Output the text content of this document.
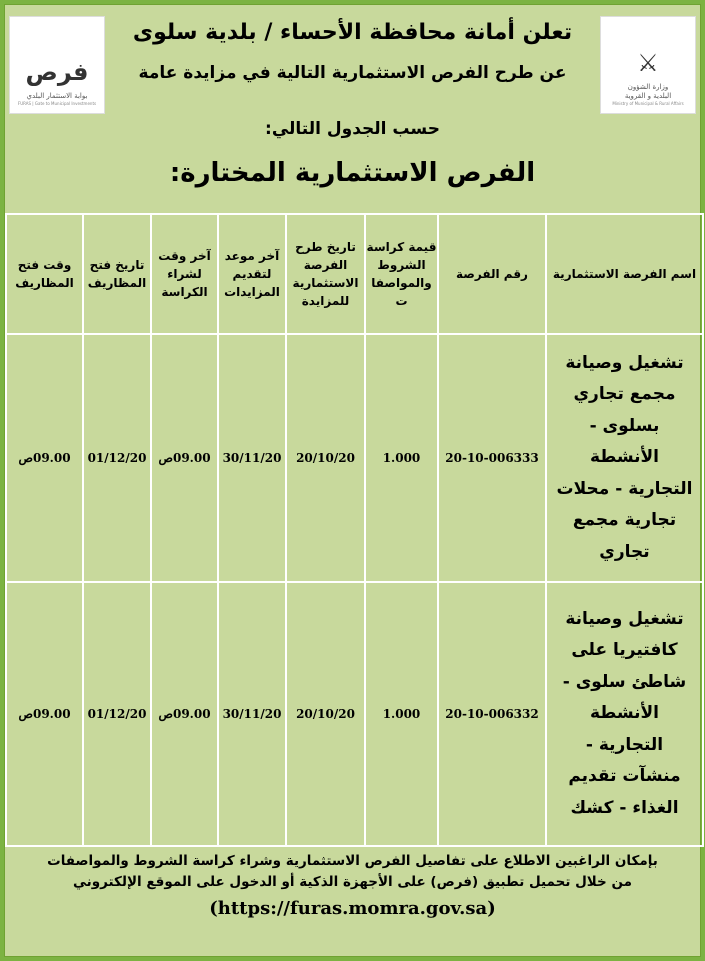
فرص
بوابة الاستثمار البلدي
FURAS | Gate to Municipal Investments
⚔
وزارة الشؤون
البلدية و القروية
Ministry of Municipal & Rural Affairs
تعلن أمانة محافظة الأحساء / بلدية سلوى
عن طرح الفرص الاستثمارية التالية في مزايدة عامة
حسب الجدول التالي:
الفرص الاستثمارية المختارة:
اسم الفرصة الاستثمارية	رقم الفرصة	قيمة كراسة الشروط والمواصفات	تاريخ طرح الفرصة الاستثمارية للمزايدة	آخر موعد لتقديم المزايدات	آخر وقت لشراء الكراسة	تاريخ فتح المظاريف	وقت فتح المظاريف
تشغيل وصيانة مجمع تجاري بسلوى - الأنشطة التجارية - محلات تجارية مجمع تجاري	20-10-006333	1.000	20/10/20	30/11/20	09.00ص	01/12/20	09.00ص
تشغيل وصيانة كافتيريا على شاطئ سلوى - الأنشطة التجارية - منشآت تقديم الغذاء - كشك	20-10-006332	1.000	20/10/20	30/11/20	09.00ص	01/12/20	09.00ص
بإمكان الراغبين الاطلاع على تفاصيل الفرص الاستثمارية وشراء كراسة الشروط والمواصفات
من خلال تحميل تطبيق (فرص) على الأجهزة الذكية أو الدخول على الموقع الإلكتروني
(https://furas.momra.gov.sa)
